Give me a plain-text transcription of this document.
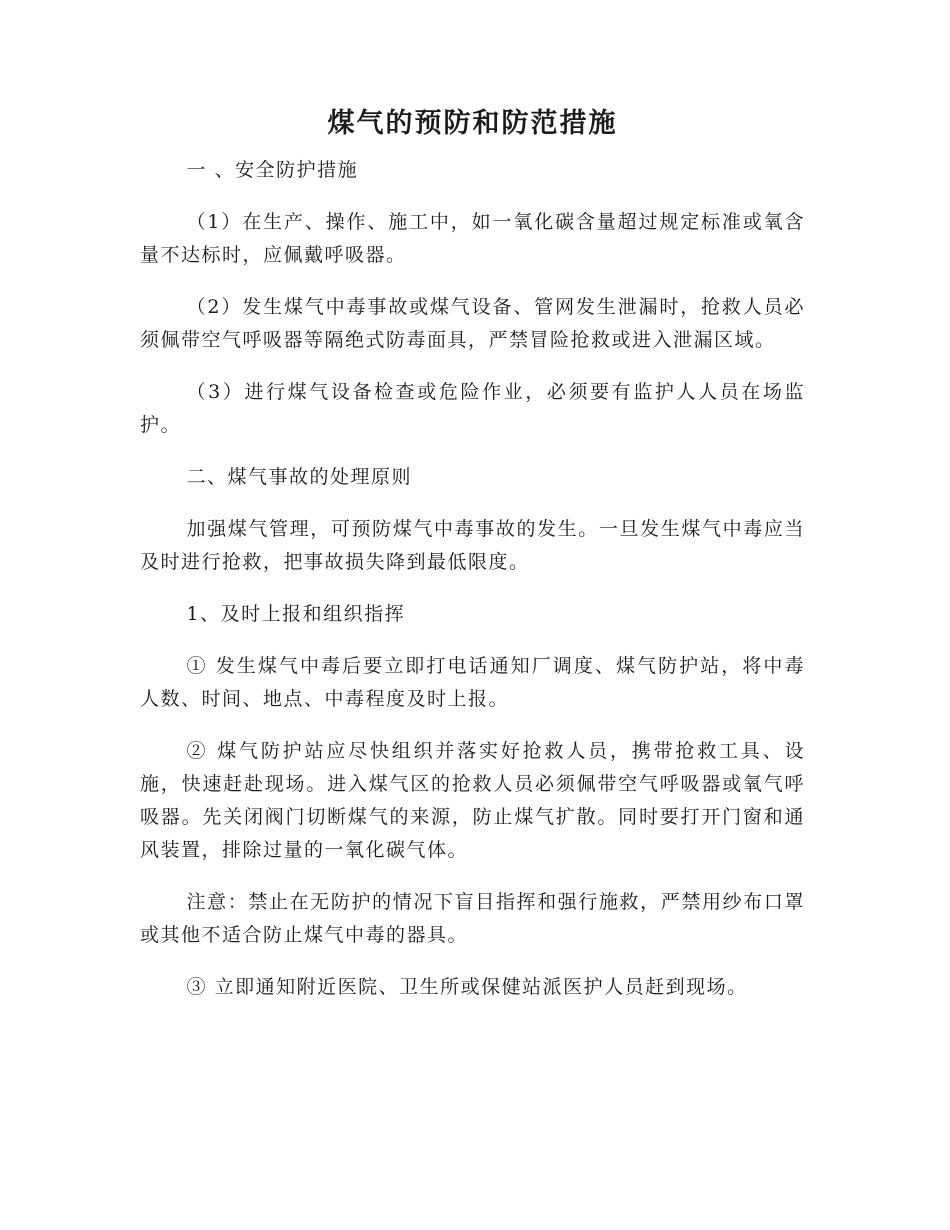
煤气的预防和防范措施

一 、安全防护措施

（1）在生产、操作、施工中，如一氧化碳含量超过规定标准或氧含量不达标时，应佩戴呼吸器。

（2）发生煤气中毒事故或煤气设备、管网发生泄漏时，抢救人员必须佩带空气呼吸器等隔绝式防毒面具，严禁冒险抢救或进入泄漏区域。

（3）进行煤气设备检查或危险作业，必须要有监护人人员在场监护。

二、煤气事故的处理原则

加强煤气管理，可预防煤气中毒事故的发生。一旦发生煤气中毒应当及时进行抢救，把事故损失降到最低限度。

1、及时上报和组织指挥

① 发生煤气中毒后要立即打电话通知厂调度、煤气防护站，将中毒人数、时间、地点、中毒程度及时上报。

② 煤气防护站应尽快组织并落实好抢救人员，携带抢救工具、设施，快速赶赴现场。进入煤气区的抢救人员必须佩带空气呼吸器或氧气呼吸器。先关闭阀门切断煤气的来源，防止煤气扩散。同时要打开门窗和通风装置，排除过量的一氧化碳气体。

注意：禁止在无防护的情况下盲目指挥和强行施救，严禁用纱布口罩或其他不适合防止煤气中毒的器具。

③ 立即通知附近医院、卫生所或保健站派医护人员赶到现场。
